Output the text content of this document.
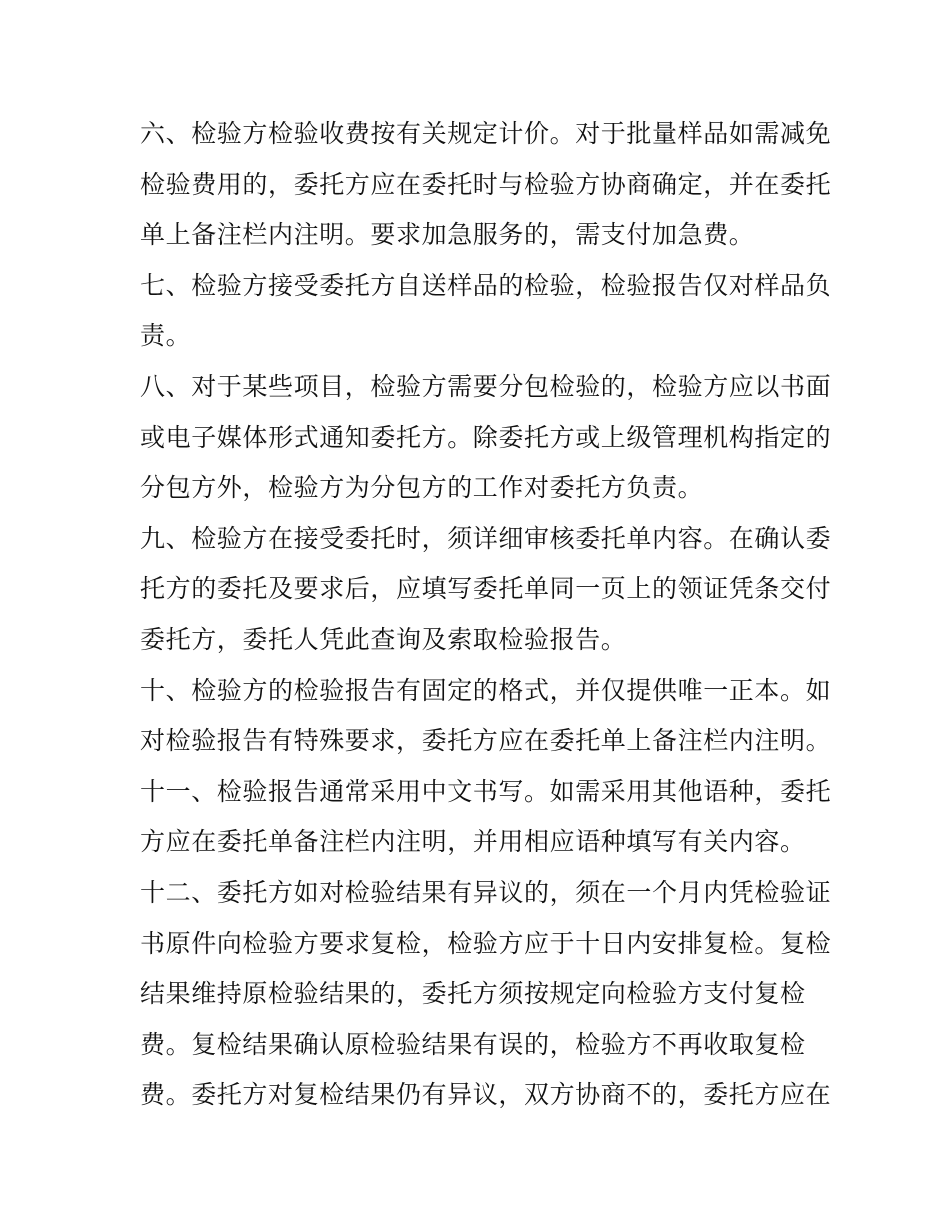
六、检验方检验收费按有关规定计价。对于批量样品如需减免
检验费用的，委托方应在委托时与检验方协商确定，并在委托
单上备注栏内注明。要求加急服务的，需支付加急费。
七、检验方接受委托方自送样品的检验，检验报告仅对样品负
责。
八、对于某些项目，检验方需要分包检验的，检验方应以书面
或电子媒体形式通知委托方。除委托方或上级管理机构指定的
分包方外，检验方为分包方的工作对委托方负责。
九、检验方在接受委托时，须详细审核委托单内容。在确认委
托方的委托及要求后，应填写委托单同一页上的领证凭条交付
委托方，委托人凭此查询及索取检验报告。
十、检验方的检验报告有固定的格式，并仅提供唯一正本。如
对检验报告有特殊要求，委托方应在委托单上备注栏内注明。
十一、检验报告通常采用中文书写。如需采用其他语种，委托
方应在委托单备注栏内注明，并用相应语种填写有关内容。
十二、委托方如对检验结果有异议的，须在一个月内凭检验证
书原件向检验方要求复检，检验方应于十日内安排复检。复检
结果维持原检验结果的，委托方须按规定向检验方支付复检
费。复检结果确认原检验结果有误的，检验方不再收取复检
费。委托方对复检结果仍有异议，双方协商不的，委托方应在
